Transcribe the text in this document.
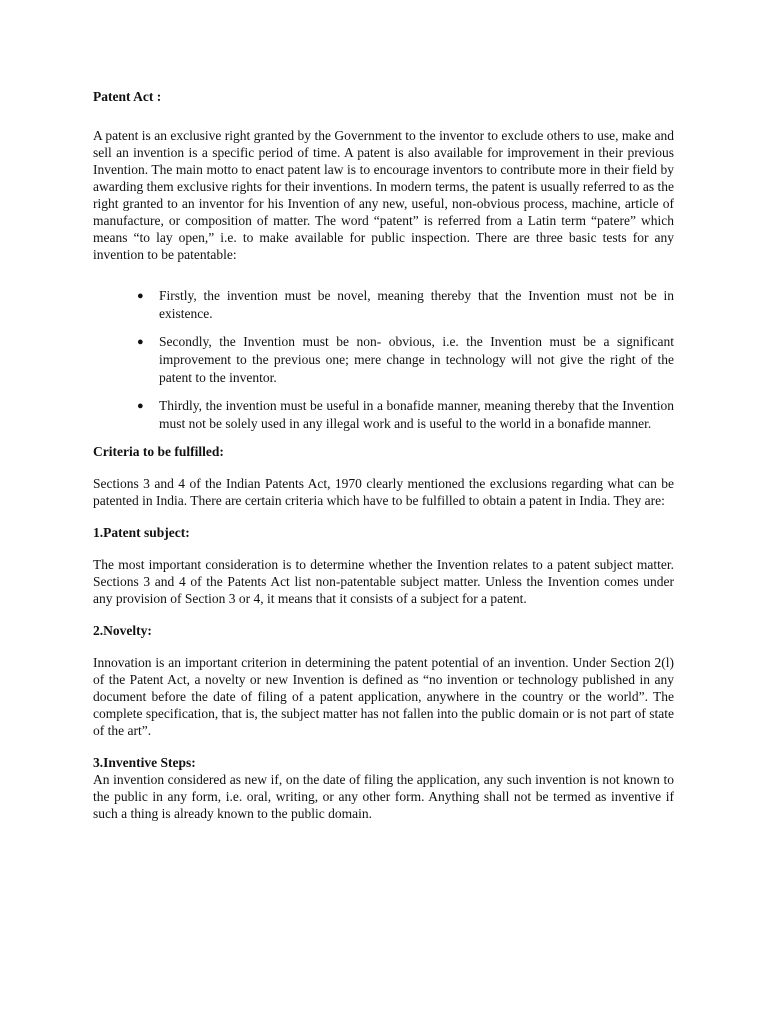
Patent Act :

A patent is an exclusive right granted by the Government to the inventor to exclude others to use, make and sell an invention is a specific period of time. A patent is also available for improvement in their previous Invention. The main motto to enact patent law is to encourage inventors to contribute more in their field by awarding them exclusive rights for their inventions. In modern terms, the patent is usually referred to as the right granted to an inventor for his Invention of any new, useful, non-obvious process, machine, article of manufacture, or composition of matter. The word “patent” is referred from a Latin term “patere” which means “to lay open,” i.e. to make available for public inspection. There are three basic tests for any invention to be patentable:

● Firstly, the invention must be novel, meaning thereby that the Invention must not be in existence.
● Secondly, the Invention must be non- obvious, i.e. the Invention must be a significant improvement to the previous one; mere change in technology will not give the right of the patent to the inventor.
● Thirdly, the invention must be useful in a bonafide manner, meaning thereby that the Invention must not be solely used in any illegal work and is useful to the world in a bonafide manner.

Criteria to be fulfilled:

Sections 3 and 4 of the Indian Patents Act, 1970 clearly mentioned the exclusions regarding what can be patented in India. There are certain criteria which have to be fulfilled to obtain a patent in India. They are:

1.Patent subject:

The most important consideration is to determine whether the Invention relates to a patent subject matter. Sections 3 and 4 of the Patents Act list non-patentable subject matter. Unless the Invention comes under any provision of Section 3 or 4, it means that it consists of a subject for a patent.

2.Novelty:

Innovation is an important criterion in determining the patent potential of an invention. Under Section 2(l) of the Patent Act, a novelty or new Invention is defined as “no invention or technology published in any document before the date of filing of a patent application, anywhere in the country or the world”. The complete specification, that is, the subject matter has not fallen into the public domain or is not part of state of the art”.

3.Inventive Steps:

An invention considered as new if, on the date of filing the application, any such invention is not known to the public in any form, i.e. oral, writing, or any other form. Anything shall not be termed as inventive if such a thing is already known to the public domain.
